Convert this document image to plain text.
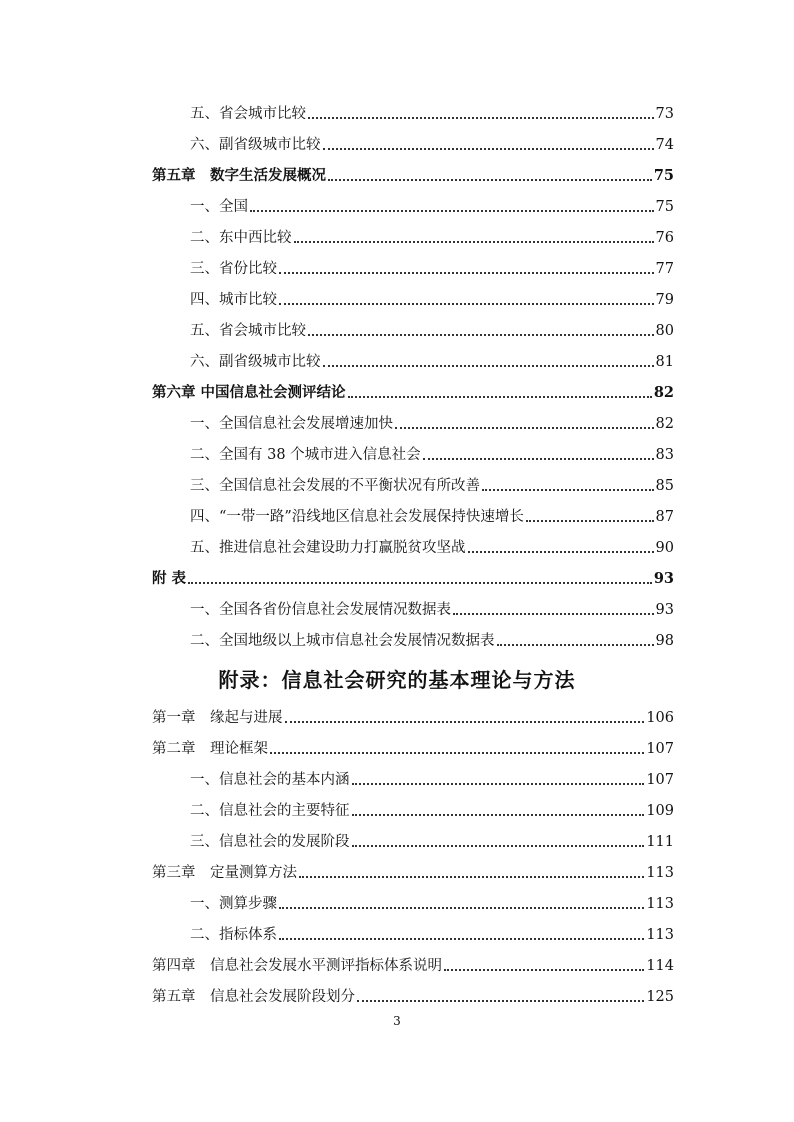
五、省会城市比较	73
六、副省级城市比较	74
第五章　数字生活发展概况	75
一、全国	75
二、东中西比较	76
三、省份比较	77
四、城市比较	79
五、省会城市比较	80
六、副省级城市比较	81
第六章 中国信息社会测评结论	82
一、全国信息社会发展增速加快	82
二、全国有 38 个城市进入信息社会	83
三、全国信息社会发展的不平衡状况有所改善	85
四、“一带一路”沿线地区信息社会发展保持快速增长	87
五、推进信息社会建设助力打赢脱贫攻坚战	90
附 表	93
一、全国各省份信息社会发展情况数据表	93
二、全国地级以上城市信息社会发展情况数据表	98
附录：信息社会研究的基本理论与方法
第一章　缘起与进展	106
第二章　理论框架	107
一、信息社会的基本内涵	107
二、信息社会的主要特征	109
三、信息社会的发展阶段	111
第三章　定量测算方法	113
一、测算步骤	113
二、指标体系	113
第四章　信息社会发展水平测评指标体系说明	114
第五章　信息社会发展阶段划分	125
3
